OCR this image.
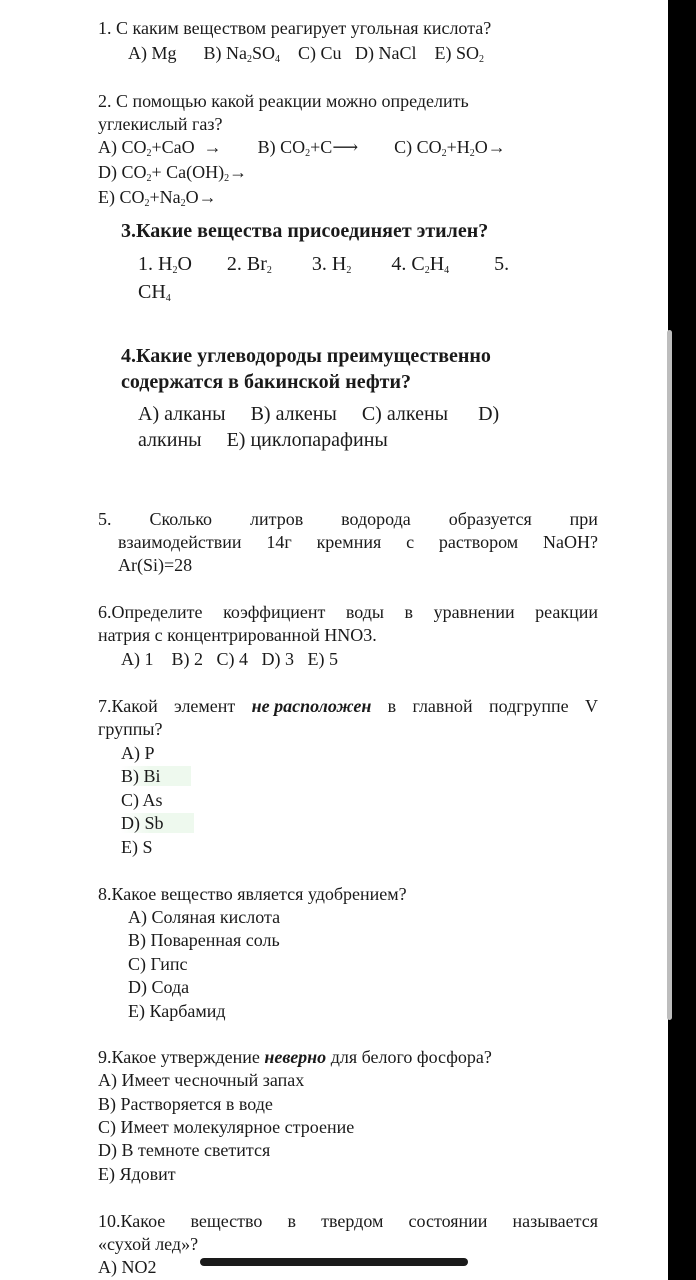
1. С каким веществом реагирует угольная кислота?
A) Mg      B) $Na_2SO_4$    C) Cu   D) NaCl    E) $SO_2$
2. С помощью какой реакции можно определить
углекислый газ?
A) $CO_2+CaO$  →        B) $CO_2+C⟶$        C) $CO_2+H_2O\to$
D) $CO_2+ Ca(OH)_2\to$
E) $CO_2+Na_2O\to$
3.Какие вещества присоединяет этилен?
1. $H_2O$       2. $Br_2$        3. $H_2$        4. $C_2H_4$         5.
$CH_4$
4.Какие углеводороды преимущественно
содержатся в бакинской нефти?
A) алканы     B) алкены     C) алкены      D)
алкины     E) циклопарафины
5. Сколько литров водорода образуется при
взаимодействии 14г кремния с раствором NaOH?
Ar(Si)=28
6.Определите коэффициент воды в уравнении реакции
натрия с концентрированной HNO3.
A) 1    B) 2   C) 4   D) 3   E) 5
7.Какой элемент не расположен в главной подгруппе V
группы?
A) P
B) Bi
C) As
D) Sb
E) S
8.Какое вещество является удобрением?
A) Соляная кислота
B) Поваренная соль
C) Гипс
D) Сода
E) Карбамид
9.Какое утверждение неверно для белого фосфора?
A) Имеет чесночный запах
B) Растворяется в воде
C) Имеет молекулярное строение
D) В темноте светится
E) Ядовит
10.Какое вещество в твердом состоянии называется
«сухой лед»?
A) NO2
